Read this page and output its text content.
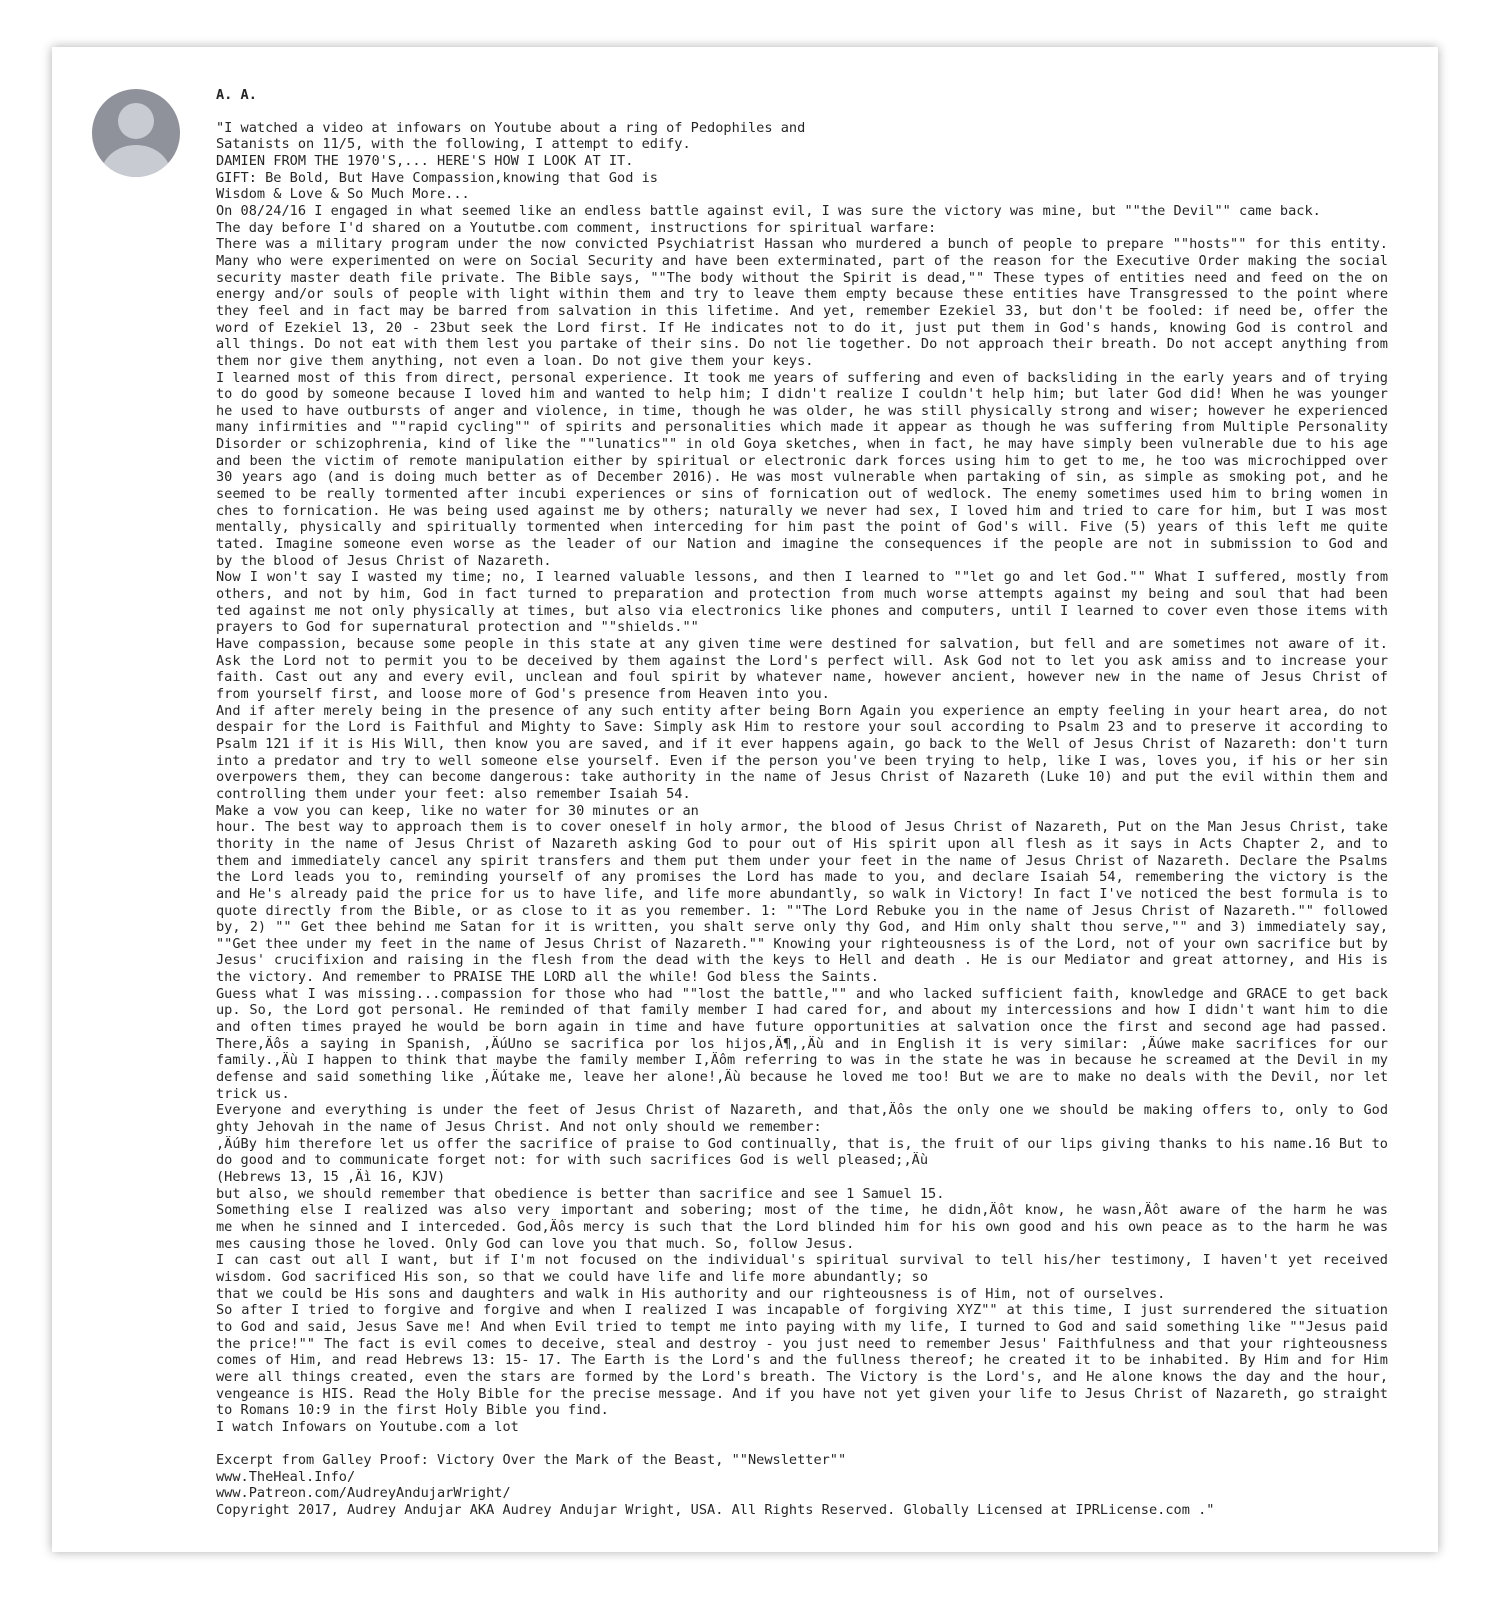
A. A.
"I watched a video at infowars on Youtube about a ring of Pedophiles and
Satanists on 11/5, with the following, I attempt to edify.
DAMIEN FROM THE 1970'S,... HERE'S HOW I LOOK AT IT.
GIFT: Be Bold, But Have Compassion,knowing that God is
Wisdom & Love & So Much More...
On 08/24/16 I engaged in what seemed like an endless battle against evil, I was sure the victory was mine, but ""the Devil"" came back.
The day before I'd shared on a Yoututbe.com comment, instructions for spiritual warfare:
There was a military program under the now convicted Psychiatrist Hassan who murdered a bunch of people to prepare ""hosts"" for this entity.
Many who were experimented on were on Social Security and have been exterminated, part of the reason for the Executive Order making the social
security master death file private. The Bible says, ""The body without the Spirit is dead,"" These types of entities need and feed on the on
energy and/or souls of people with light within them and try to leave them empty because these entities have Transgressed to the point where
they feel and in fact may be barred from salvation in this lifetime. And yet, remember Ezekiel 33, but don't be fooled: if need be, offer the
word of Ezekiel 13, 20 - 23but seek the Lord first. If He indicates not to do it, just put them in God's hands, knowing God is control and
all things. Do not eat with them lest you partake of their sins. Do not lie together. Do not approach their breath. Do not accept anything from
them nor give them anything, not even a loan. Do not give them your keys.
I learned most of this from direct, personal experience. It took me years of suffering and even of backsliding in the early years and of trying
to do good by someone because I loved him and wanted to help him; I didn't realize I couldn't help him; but later God did! When he was younger
he used to have outbursts of anger and violence, in time, though he was older, he was still physically strong and wiser; however he experienced
many infirmities and ""rapid cycling"" of spirits and personalities which made it appear as though he was suffering from Multiple Personality
Disorder or schizophrenia, kind of like the ""lunatics"" in old Goya sketches, when in fact, he may have simply been vulnerable due to his age
and been the victim of remote manipulation either by spiritual or electronic dark forces using him to get to me, he too was microchipped over
30 years ago (and is doing much better as of December 2016). He was most vulnerable when partaking of sin, as simple as smoking pot, and he
seemed to be really tormented after incubi experiences or sins of fornication out of wedlock. The enemy sometimes used him to bring women in
ches to fornication. He was being used against me by others; naturally we never had sex, I loved him and tried to care for him, but I was most
mentally, physically and spiritually tormented when interceding for him past the point of God's will. Five (5) years of this left me quite
tated. Imagine someone even worse as the leader of our Nation and imagine the consequences if the people are not in submission to God and
by the blood of Jesus Christ of Nazareth.
Now I won't say I wasted my time; no, I learned valuable lessons, and then I learned to ""let go and let God."" What I suffered, mostly from
others, and not by him, God in fact turned to preparation and protection from much worse attempts against my being and soul that had been
ted against me not only physically at times, but also via electronics like phones and computers, until I learned to cover even those items with
prayers to God for supernatural protection and ""shields.""
Have compassion, because some people in this state at any given time were destined for salvation, but fell and are sometimes not aware of it.
Ask the Lord not to permit you to be deceived by them against the Lord's perfect will. Ask God not to let you ask amiss and to increase your
faith. Cast out any and every evil, unclean and foul spirit by whatever name, however ancient, however new in the name of Jesus Christ of
from yourself first, and loose more of God's presence from Heaven into you.
And if after merely being in the presence of any such entity after being Born Again you experience an empty feeling in your heart area, do not
despair for the Lord is Faithful and Mighty to Save: Simply ask Him to restore your soul according to Psalm 23 and to preserve it according to
Psalm 121 if it is His Will, then know you are saved, and if it ever happens again, go back to the Well of Jesus Christ of Nazareth: don't turn
into a predator and try to well someone else yourself. Even if the person you've been trying to help, like I was, loves you, if his or her sin
overpowers them, they can become dangerous: take authority in the name of Jesus Christ of Nazareth (Luke 10) and put the evil within them and
controlling them under your feet: also remember Isaiah 54.
Make a vow you can keep, like no water for 30 minutes or an
hour. The best way to approach them is to cover oneself in holy armor, the blood of Jesus Christ of Nazareth, Put on the Man Jesus Christ, take
thority in the name of Jesus Christ of Nazareth asking God to pour out of His spirit upon all flesh as it says in Acts Chapter 2, and to
them and immediately cancel any spirit transfers and them put them under your feet in the name of Jesus Christ of Nazareth. Declare the Psalms
the Lord leads you to, reminding yourself of any promises the Lord has made to you, and declare Isaiah 54, remembering the victory is the
and He's already paid the price for us to have life, and life more abundantly, so walk in Victory! In fact I've noticed the best formula is to
quote directly from the Bible, or as close to it as you remember. 1: ""The Lord Rebuke you in the name of Jesus Christ of Nazareth."" followed
by, 2) "" Get thee behind me Satan for it is written, you shalt serve only thy God, and Him only shalt thou serve,"" and 3) immediately say,
""Get thee under my feet in the name of Jesus Christ of Nazareth."" Knowing your righteousness is of the Lord, not of your own sacrifice but by
Jesus' crucifixion and raising in the flesh from the dead with the keys to Hell and death . He is our Mediator and great attorney, and His is
the victory. And remember to PRAISE THE LORD all the while! God bless the Saints.
Guess what I was missing...compassion for those who had ""lost the battle,"" and who lacked sufficient faith, knowledge and GRACE to get back
up. So, the Lord got personal. He reminded of that family member I had cared for, and about my intercessions and how I didn't want him to die
and often times prayed he would be born again in time and have future opportunities at salvation once the first and second age had passed.
There,Äôs a saying in Spanish, ‚ÄúUno se sacrifica por los hijos,Ä¶‚‚Äù and in English it is very similar: ‚Äúwe make sacrifices for our
family.‚Äù I happen to think that maybe the family member I‚Äôm referring to was in the state he was in because he screamed at the Devil in my
defense and said something like ‚Äútake me, leave her alone!‚Äù because he loved me too! But we are to make no deals with the Devil, nor let
trick us.
Everyone and everything is under the feet of Jesus Christ of Nazareth, and that‚Äôs the only one we should be making offers to, only to God
ghty Jehovah in the name of Jesus Christ. And not only should we remember:
‚ÄúBy him therefore let us offer the sacrifice of praise to God continually, that is, the fruit of our lips giving thanks to his name.16 But to
do good and to communicate forget not: for with such sacrifices God is well pleased;‚Äù
(Hebrews 13, 15 ‚Äì 16, KJV)
but also, we should remember that obedience is better than sacrifice and see 1 Samuel 15.
Something else I realized was also very important and sobering; most of the time, he didn‚Äôt know, he wasn‚Äôt aware of the harm he was
me when he sinned and I interceded. God‚Äôs mercy is such that the Lord blinded him for his own good and his own peace as to the harm he was
mes causing those he loved. Only God can love you that much. So, follow Jesus.
I can cast out all I want, but if I'm not focused on the individual's spiritual survival to tell his/her testimony, I haven't yet received
wisdom. God sacrificed His son, so that we could have life and life more abundantly; so
that we could be His sons and daughters and walk in His authority and our righteousness is of Him, not of ourselves.
So after I tried to forgive and forgive and when I realized I was incapable of forgiving XYZ"" at this time, I just surrendered the situation
to God and said, Jesus Save me! And when Evil tried to tempt me into paying with my life, I turned to God and said something like ""Jesus paid
the price!"" The fact is evil comes to deceive, steal and destroy - you just need to remember Jesus' Faithfulness and that your righteousness
comes of Him, and read Hebrews 13: 15- 17. The Earth is the Lord's and the fullness thereof; he created it to be inhabited. By Him and for Him
were all things created, even the stars are formed by the Lord's breath. The Victory is the Lord's, and He alone knows the day and the hour,
vengeance is HIS. Read the Holy Bible for the precise message. And if you have not yet given your life to Jesus Christ of Nazareth, go straight
to Romans 10:9 in the first Holy Bible you find.
I watch Infowars on Youtube.com a lot
Excerpt from Galley Proof: Victory Over the Mark of the Beast, ""Newsletter""
www.TheHeal.Info/
www.Patreon.com/AudreyAndujarWright/
Copyright 2017, Audrey Andujar AKA Audrey Andujar Wright, USA. All Rights Reserved. Globally Licensed at IPRLicense.com ."
